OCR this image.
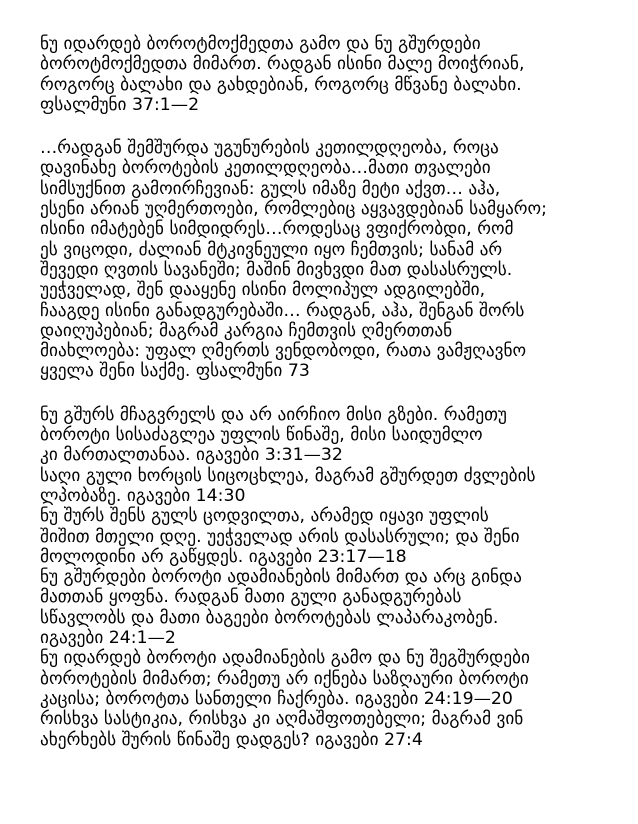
ნუ იდარდებ ბოროტმოქმედთა გამო და ნუ გშურდები
ბოროტმოქმედთა მიმართ. რადგან ისინი მალე მოიჭრიან,
როგორც ბალახი და გახდებიან, როგორც მწვანე ბალახი.
ფსალმუნი 37:1—2
…რადგან შემშურდა უგუნურების კეთილდღეობა, როცა
დავინახე ბოროტების კეთილდღეობა…მათი თვალები
სიმსუქნით გამოირჩევიან: გულს იმაზე მეტი აქვთ… აჰა,
ესენი არიან უღმერთოები, რომლებიც აყვავდებიან სამყარო;
ისინი იმატებენ სიმდიდრეს…როდესაც ვფიქრობდი, რომ
ეს ვიცოდი, ძალიან მტკივნეული იყო ჩემთვის; სანამ არ
შევედი ღვთის სავანეში; მაშინ მივხვდი მათ დასასრულს.
უეჭველად, შენ დააყენე ისინი მოლიპულ ადგილებში,
ჩააგდე ისინი განადგურებაში… რადგან, აჰა, შენგან შორს
დაიღუპებიან; მაგრამ კარგია ჩემთვის ღმერთთან
მიახლოება: უფალ ღმერთს ვენდობოდი, რათა ვამჟღავნო
ყველა შენი საქმე. ფსალმუნი 73
ნუ გშურს მჩაგვრელს და არ აირჩიო მისი გზები. რამეთუ
ბოროტი სისაძაგლეა უფლის წინაშე, მისი საიდუმლო
კი მართალთანაა. იგავები 3:31—32
საღი გული ხორცის სიცოცხლეა, მაგრამ გშურდეთ ძვლების
ლპობაზე. იგავები 14:30
ნუ შურს შენს გულს ცოდვილთა, არამედ იყავი უფლის
შიშით მთელი დღე. უეჭველად არის დასასრული; და შენი
მოლოდინი არ გაწყდეს. იგავები 23:17—18
ნუ გშურდები ბოროტი ადამიანების მიმართ და არც გინდა
მათთან ყოფნა. რადგან მათი გული განადგურებას
სწავლობს და მათი ბაგეები ბოროტებას ლაპარაკობენ.
იგავები 24:1—2
ნუ იდარდებ ბოროტი ადამიანების გამო და ნუ შეგშურდები
ბოროტების მიმართ; რამეთუ არ იქნება საზღაური ბოროტი
კაცისა; ბოროტთა სანთელი ჩაქრება. იგავები 24:19—20
რისხვა სასტიკია, რისხვა კი აღმაშფოთებელი; მაგრამ ვინ
ახერხებს შურის წინაშე დადგეს? იგავები 27:4
